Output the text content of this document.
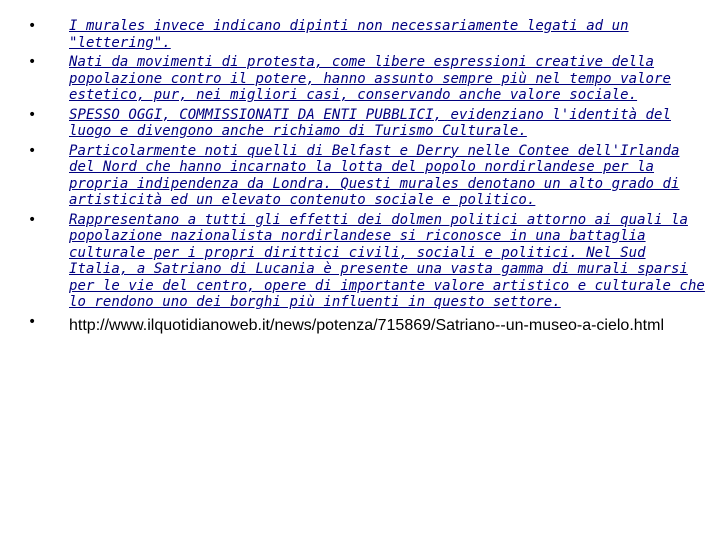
• I murales invece indicano dipinti non necessariamente legati ad un "lettering".
• Nati da movimenti di protesta, come libere espressioni creative della popolazione contro il potere, hanno assunto sempre più nel tempo valore estetico, pur, nei migliori casi, conservando anche valore sociale.
• SPESSO OGGI, COMMISSIONATI DA ENTI PUBBLICI, evidenziano l'identità del luogo e divengono anche richiamo di Turismo Culturale.
• Particolarmente noti quelli di Belfast e Derry nelle Contee dell'Irlanda del Nord che hanno incarnato la lotta del popolo nordirlandese per la propria indipendenza da Londra. Questi murales denotano un alto grado di artisticità ed un elevato contenuto sociale e politico.
• Rappresentano a tutti gli effetti dei dolmen politici attorno ai quali la popolazione nazionalista nordirlandese si riconosce in una battaglia culturale per i propri dirittici civili, sociali e politici. Nel Sud Italia, a Satriano di Lucania è presente una vasta gamma di murali sparsi per le vie del centro, opere di importante valore artistico e culturale che lo rendono uno dei borghi più influenti in questo settore.
• http://www.ilquotidianoweb.it/news/potenza/715869/Satriano--un-museo-a-cielo.html
